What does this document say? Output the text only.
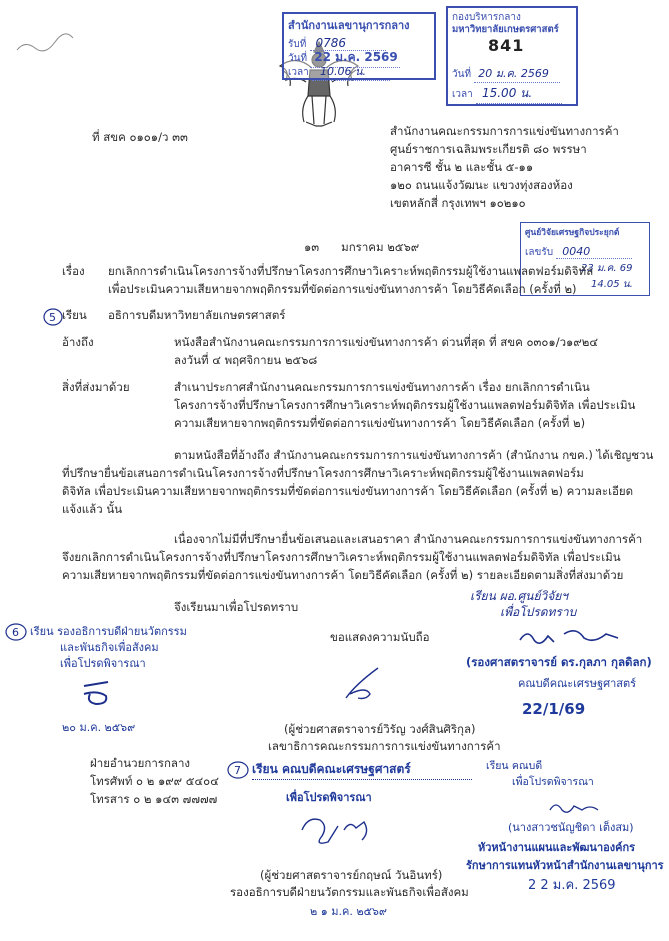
สำนักงานเลขานุการกลาง
รับที่ 0786
วันที่ 22 ม.ค. 2569
เวลา 10.06 น.
กองบริหารกลาง
มหาวิทยาลัยเกษตรศาสตร์
841
วันที่ 20 ม.ค. 2569
เวลา 15.00 น.
ที่ สขค ๐๑๐๑/ว ๓๓	สำนักงานคณะกรรมการการแข่งขันทางการค้า
ศูนย์ราชการเฉลิมพระเกียรติ ๘๐ พรรษา
อาคารซี ชั้น ๒ และชั้น ๕-๑๑
๑๒๐ ถนนแจ้งวัฒนะ แขวงทุ่งสองห้อง
เขตหลักสี่ กรุงเทพฯ ๑๐๒๑๐
ศูนย์วิจัยเศรษฐกิจประยุกต์
เลขรับ 0040
23 ม.ค. 69
14.05 น.
๑๓ มกราคม ๒๕๖๙
เรื่อง ยกเลิกการดำเนินโครงการจ้างที่ปรึกษาโครงการศึกษาวิเคราะห์พฤติกรรมผู้ใช้งานแพลตฟอร์มดิจิทัล
เพื่อประเมินความเสียหายจากพฤติกรรมที่ขัดต่อการแข่งขันทางการค้า โดยวิธีคัดเลือก (ครั้งที่ ๒)
5 เรียน อธิการบดีมหาวิทยาลัยเกษตรศาสตร์
อ้างถึง	หนังสือสำนักงานคณะกรรมการการแข่งขันทางการค้า ด่วนที่สุด ที่ สขค ๐๓๐๑/ว๑๙๒๔
ลงวันที่ ๔ พฤศจิกายน ๒๕๖๘
สิ่งที่ส่งมาด้วย	สำเนาประกาศสำนักงานคณะกรรมการการแข่งขันทางการค้า เรื่อง ยกเลิกการดำเนิน
โครงการจ้างที่ปรึกษาโครงการศึกษาวิเคราะห์พฤติกรรมผู้ใช้งานแพลตฟอร์มดิจิทัล เพื่อประเมิน
ความเสียหายจากพฤติกรรมที่ขัดต่อการแข่งขันทางการค้า โดยวิธีคัดเลือก (ครั้งที่ ๒)
ตามหนังสือที่อ้างถึง สำนักงานคณะกรรมการการแข่งขันทางการค้า (สำนักงาน กขค.) ได้เชิญชวน
ที่ปรึกษายื่นข้อเสนอการดำเนินโครงการจ้างที่ปรึกษาโครงการศึกษาวิเคราะห์พฤติกรรมผู้ใช้งานแพลตฟอร์ม
ดิจิทัล เพื่อประเมินความเสียหายจากพฤติกรรมที่ขัดต่อการแข่งขันทางการค้า โดยวิธีคัดเลือก (ครั้งที่ ๒) ความละเอียด
แจ้งแล้ว นั้น
เนื่องจากไม่มีที่ปรึกษายื่นข้อเสนอและเสนอราคา สำนักงานคณะกรรมการการแข่งขันทางการค้า
จึงยกเลิกการดำเนินโครงการจ้างที่ปรึกษาโครงการศึกษาวิเคราะห์พฤติกรรมผู้ใช้งานแพลตฟอร์มดิจิทัล เพื่อประเมิน
ความเสียหายจากพฤติกรรมที่ขัดต่อการแข่งขันทางการค้า โดยวิธีคัดเลือก (ครั้งที่ ๒) รายละเอียดตามสิ่งที่ส่งมาด้วย
จึงเรียนมาเพื่อโปรดทราบ
เรียน ผอ.ศูนย์วิจัยฯ
เพื่อโปรดทราบ
6 เรียน รองอธิการบดีฝ่ายนวัตกรรม
และพันธกิจเพื่อสังคม
เพื่อโปรดพิจารณา
๒๐ ม.ค. ๒๕๖๙
ฝ่ายอำนวยการกลาง
โทรศัพท์ ๐ ๒ ๑๙๙ ๕๔๐๔
โทรสาร ๐ ๒ ๑๔๓ ๗๗๗๗
ขอแสดงความนับถือ
(ผู้ช่วยศาสตราจารย์วิรัญ วงศ์สินศิริกุล)
เลขาธิการคณะกรรมการการแข่งขันทางการค้า
(รองศาสตราจารย์ ดร.กุลภา กุลดิลก)
คณบดีคณะเศรษฐศาสตร์
22/1/69
7 เรียน คณบดีคณะเศรษฐศาสตร์
เพื่อโปรดพิจารณา
(ผู้ช่วยศาสตราจารย์กฤษณ์ วันอินทร์)
รองอธิการบดีฝ่ายนวัตกรรมและพันธกิจเพื่อสังคม
๒ ๑ ม.ค. ๒๕๖๙
เรียน คณบดี
เพื่อโปรดพิจารณา
(นางสาวชนัญชิดา เต็งสม)
หัวหน้างานแผนและพัฒนาองค์กร
รักษาการแทนหัวหน้าสำนักงานเลขานุการ
2 2 ม.ค. 2569
